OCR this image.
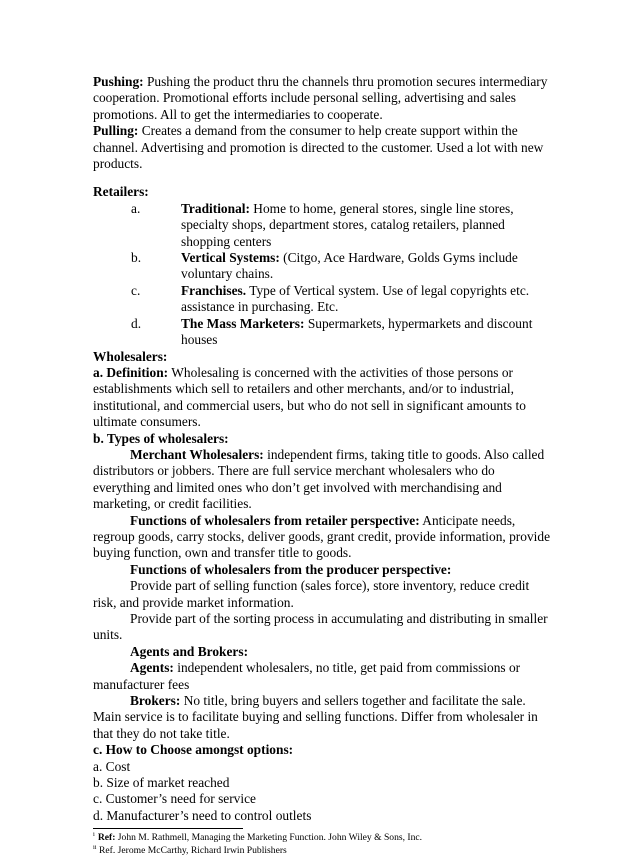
Pushing: Pushing the product thru the channels thru promotion secures intermediary cooperation. Promotional efforts include personal selling, advertising and sales promotions. All to get the intermediaries to cooperate.

Pulling: Creates a demand from the consumer to help create support within the channel. Advertising and promotion is directed to the customer. Used a lot with new products.

Retailers:

a.	Traditional: Home to home, general stores, single line stores, specialty shops, department stores, catalog retailers, planned shopping centers
b.	Vertical Systems: (Citgo, Ace Hardware, Golds Gyms include voluntary chains.
c.	Franchises. Type of Vertical system. Use of legal copyrights etc. assistance in purchasing. Etc.
d.	The Mass Marketers: Supermarkets, hypermarkets and discount houses

Wholesalers:

a. Definition: Wholesaling is concerned with the activities of those persons or establishments which sell to retailers and other merchants, and/or to industrial, institutional, and commercial users, but who do not sell in significant amounts to ultimate consumers.

b. Types of wholesalers:

Merchant Wholesalers: independent firms, taking title to goods. Also called distributors or jobbers. There are full service merchant wholesalers who do everything and limited ones who don’t get involved with merchandising and marketing, or credit facilities.

Functions of wholesalers from retailer perspective: Anticipate needs, regroup goods, carry stocks, deliver goods, grant credit, provide information, provide buying function, own and transfer title to goods.

Functions of wholesalers from the producer perspective:

Provide part of selling function (sales force), store inventory, reduce credit risk, and provide market information.

Provide part of the sorting process in accumulating and distributing in smaller units.

Agents and Brokers:

Agents: independent wholesalers, no title, get paid from commissions or manufacturer fees

Brokers: No title, bring buyers and sellers together and facilitate the sale.

Main service is to facilitate buying and selling functions. Differ from wholesaler in that they do not take title.

c. How to Choose amongst options:

a. Cost

b. Size of market reached

c. Customer’s need for service

d. Manufacturer’s need to control outlets

$^i$ Ref: John M. Rathmell, Managing the Marketing Function. John Wiley & Sons, Inc.

$^{ii}$ Ref. Jerome McCarthy, Richard Irwin Publishers
